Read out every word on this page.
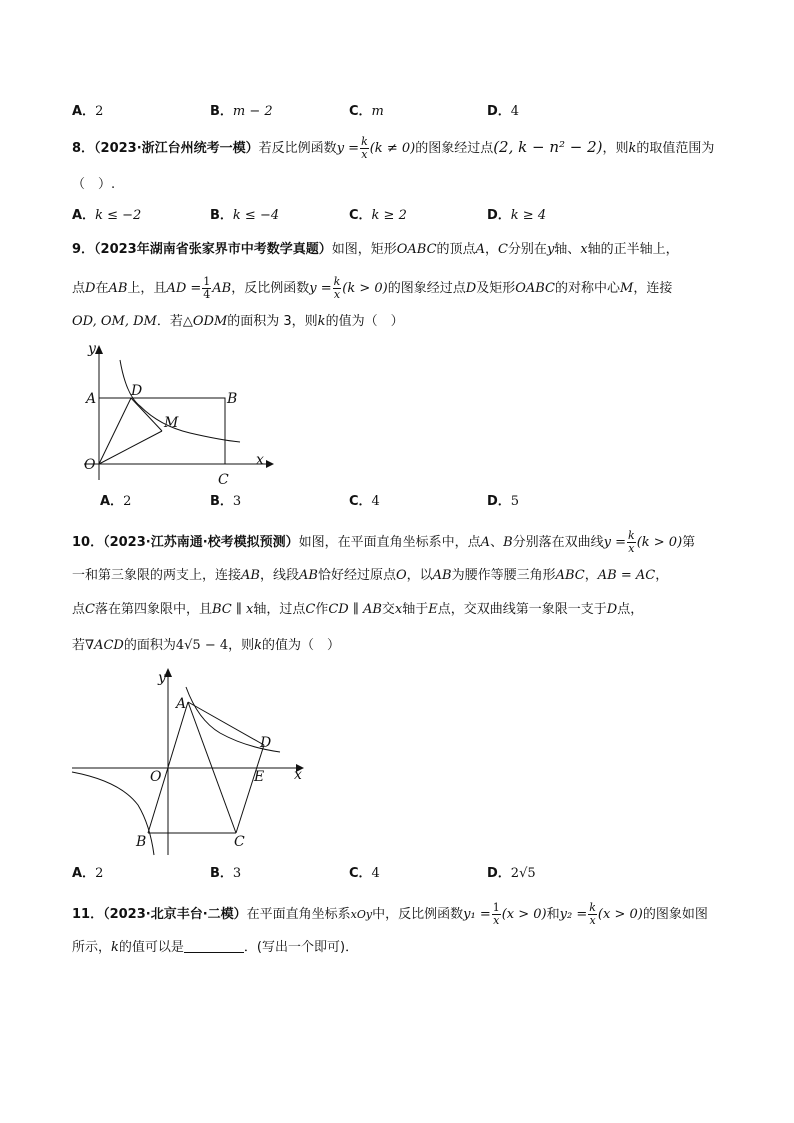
A．2	B．m − 2	C．m	D．4
8．（2023·浙江台州统考一模）若反比例函数$y = \frac{k}{x} (k \ne 0)$的图象经过点(2, k − n² − 2)，则k的取值范围为
（　）.
A．k ≤ −2	B．k ≤ −4	C．k ≥ 2	D．k ≥ 4
9．（2023年湖南省张家界市中考数学真题）如图，矩形OABC的顶点A，C分别在y轴、x轴的正半轴上，
点D在AB上，且AD = $\frac{1}{4}$ AB，反比例函数$y = \frac{k}{x} (k > 0)$的图象经过点D及矩形OABC的对称中心M，连接
OD, OM, DM．若△ODM的面积为 3，则k的值为（　）
y
x
O
A	B
C
D
M
A．2	B．3	C．4	D．5
10．（2023·江苏南通·校考模拟预测）如图，在平面直角坐标系中，点A、B分别落在双曲线$y = \frac{k}{x} (k > 0)$第
一和第三象限的两支上，连接AB，线段AB恰好经过原点O，以AB为腰作等腰三角形ABC，AB = AC，
点C落在第四象限中，且BC ∥ x轴，过点C作CD ∥ AB交x轴于E点，交双曲线第一象限一支于D点，
若∇ACD的面积为4√5 − 4，则k的值为（　）
y
x
O
A
B	C
D
E
A．2	B．3	C．4	D．2√5
11．（2023·北京丰台·二模）在平面直角坐标系xOy中，反比例函数$y_1 = \frac{1}{x} (x > 0)$和$y_2 = \frac{k}{x} (x > 0)$的图象如图
所示，k的值可以是	．(写出一个即可)．
